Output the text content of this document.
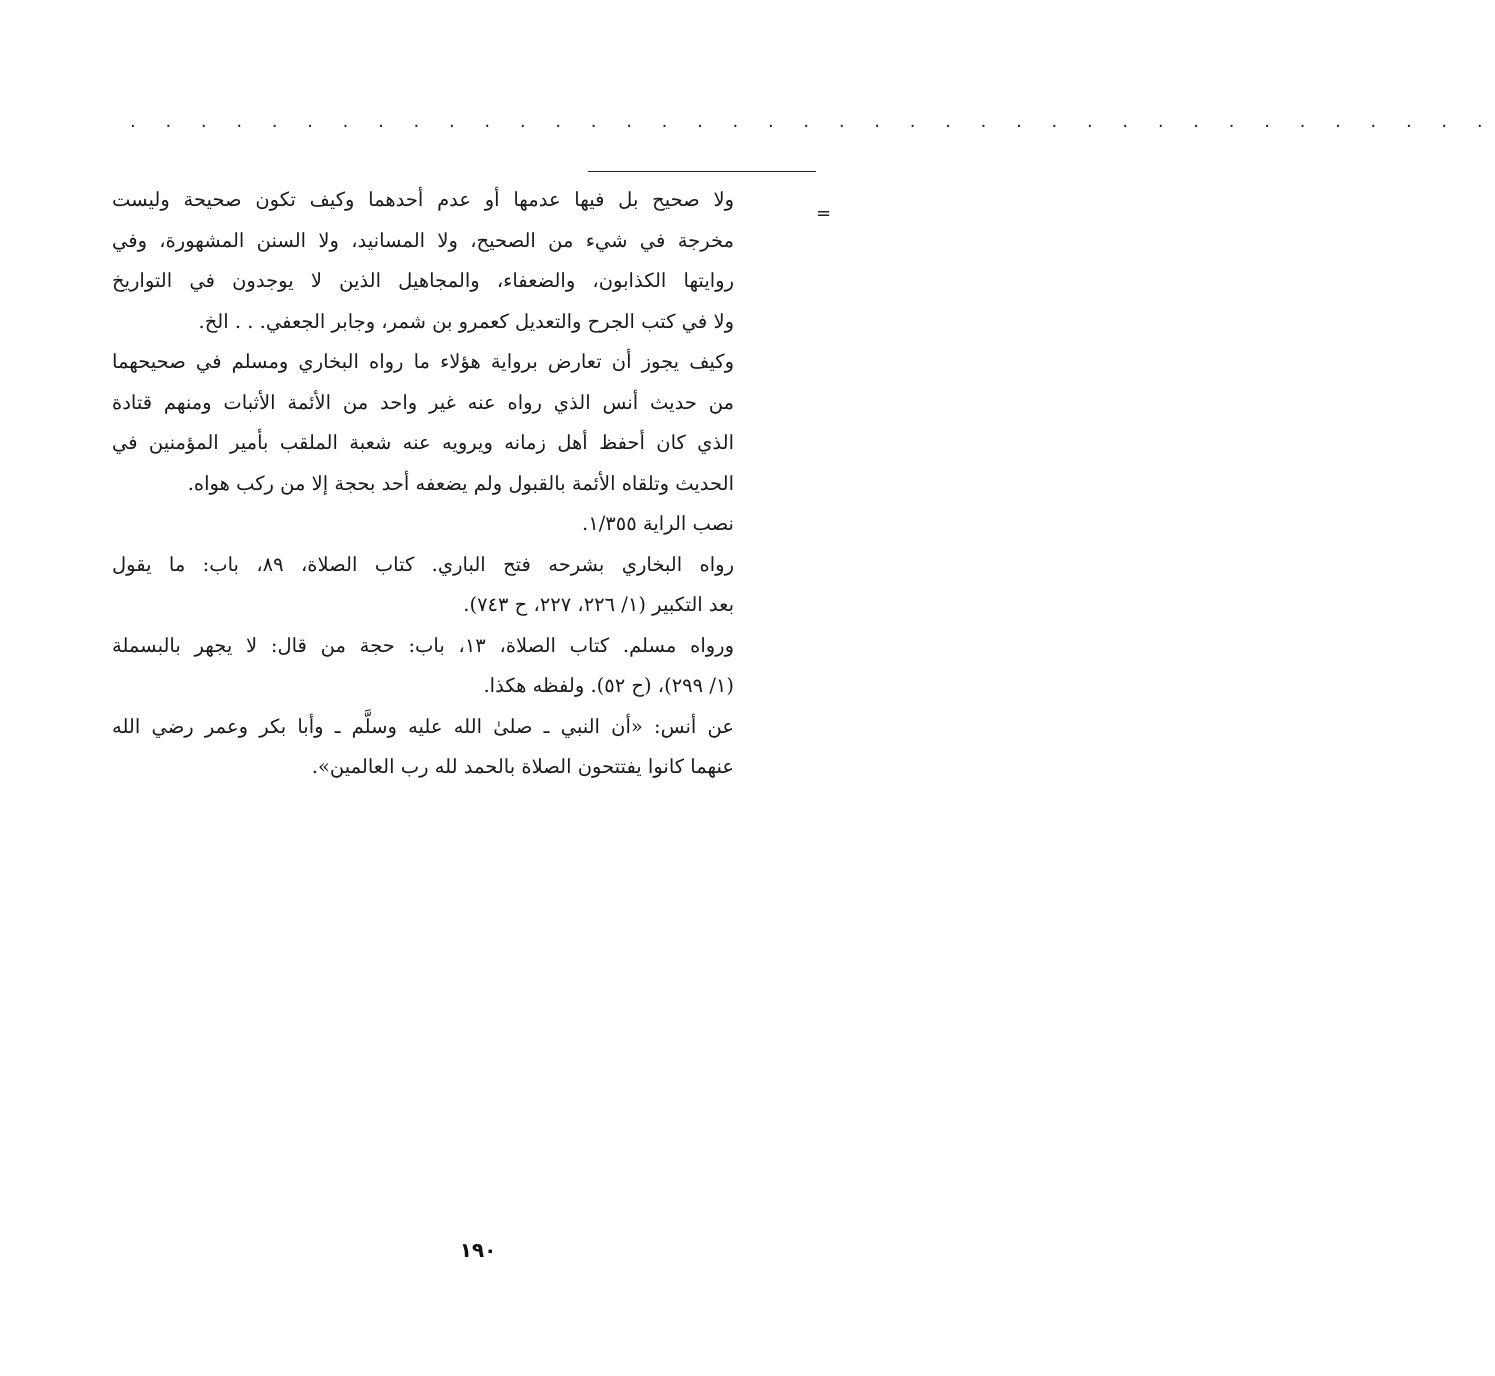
. . . . . . . . . . . . . . . . . . . . . . . . . . . . . . . . . . . . . . .
=
ولا صحيح بل فيها عدمها أو عدم أحدهما وكيف تكون صحيحة وليست
مخرجة في شيء من الصحيح، ولا المسانيد، ولا السنن المشهورة، وفي
روايتها الكذابون، والضعفاء، والمجاهيل الذين لا يوجدون في التواريخ
ولا في كتب الجرح والتعديل كعمرو بن شمر، وجابر الجعفي. . . الخ.
وكيف يجوز أن تعارض برواية هؤلاء ما رواه البخاري ومسلم في صحيحهما
من حديث أنس الذي رواه عنه غير واحد من الأئمة الأثبات ومنهم قتادة
الذي كان أحفظ أهل زمانه ويرويه عنه شعبة الملقب بأمير المؤمنين في
الحديث وتلقاه الأئمة بالقبول ولم يضعفه أحد بحجة إلا من ركب هواه.
نصب الراية ١/٣٥٥.
رواه البخاري بشرحه فتح الباري. كتاب الصلاة، ٨٩، باب: ما يقول
بعد التكبير (١/ ٢٢٦، ٢٢٧، ح ٧٤٣).
ورواه مسلم. كتاب الصلاة، ١٣، باب: حجة من قال: لا يجهر بالبسملة
(١/ ٢٩٩)، (ح ٥٢). ولفظه هكذا.
عن أنس: «أن النبي ـ صلىٰ الله عليه وسلَّم ـ وأبا بكر وعمر رضي الله
عنهما كانوا يفتتحون الصلاة بالحمد لله رب العالمين».
١٩٠
